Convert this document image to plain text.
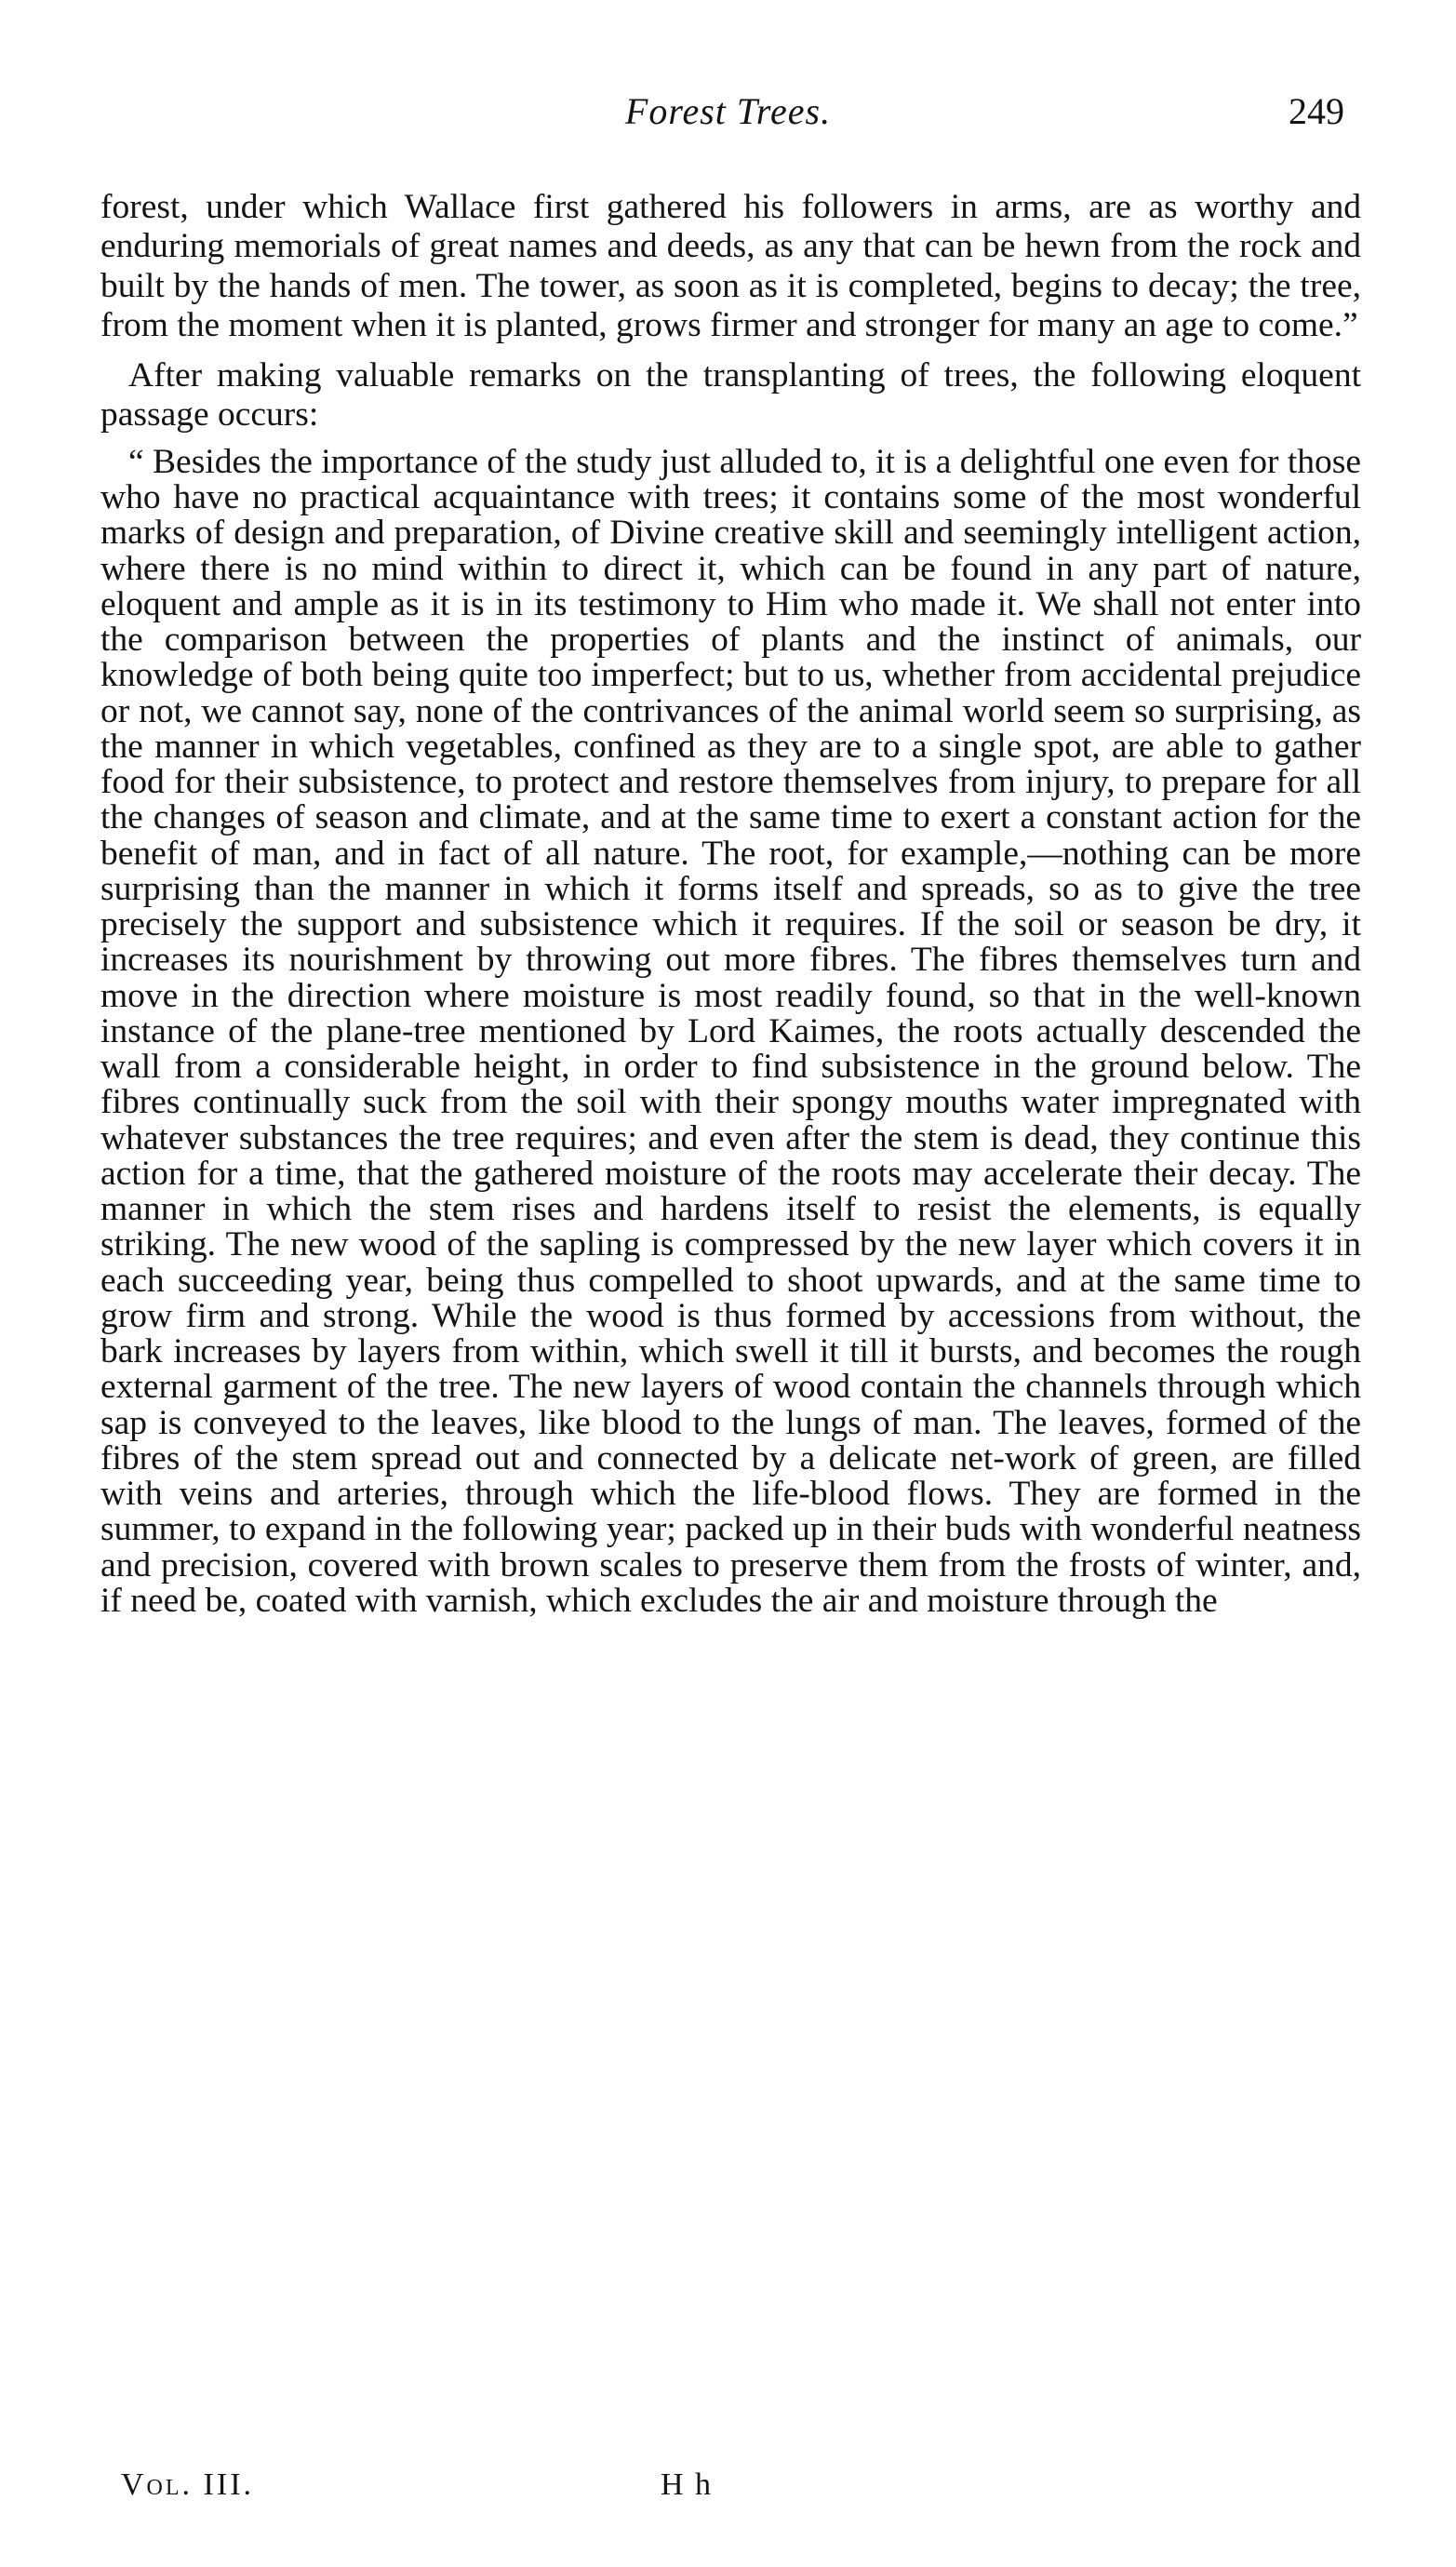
Forest Trees.	249

forest, under which Wallace first gathered his followers in arms, are as worthy and enduring memorials of great names and deeds, as any that can be hewn from the rock and built by the hands of men. The tower, as soon as it is completed, begins to decay; the tree, from the moment when it is planted, grows firmer and stronger for many an age to come.”

After making valuable remarks on the transplanting of trees, the following eloquent passage occurs:

“ Besides the importance of the study just alluded to, it is a delightful one even for those who have no practical acquaintance with trees; it contains some of the most wonderful marks of design and preparation, of Divine creative skill and seemingly intelligent action, where there is no mind within to direct it, which can be found in any part of nature, eloquent and ample as it is in its testimony to Him who made it. We shall not enter into the comparison between the properties of plants and the instinct of animals, our knowledge of both being quite too imperfect; but to us, whether from accidental prejudice or not, we cannot say, none of the contrivances of the animal world seem so surprising, as the manner in which vegetables, confined as they are to a single spot, are able to gather food for their subsistence, to protect and restore themselves from injury, to prepare for all the changes of season and climate, and at the same time to exert a constant action for the benefit of man, and in fact of all nature. The root, for example,—nothing can be more surprising than the manner in which it forms itself and spreads, so as to give the tree precisely the support and subsistence which it requires. If the soil or season be dry, it increases its nourishment by throwing out more fibres. The fibres themselves turn and move in the direction where moisture is most readily found, so that in the well-known instance of the plane-tree mentioned by Lord Kaimes, the roots actually descended the wall from a considerable height, in order to find subsistence in the ground below. The fibres continually suck from the soil with their spongy mouths water impregnated with whatever substances the tree requires; and even after the stem is dead, they continue this action for a time, that the gathered moisture of the roots may accelerate their decay. The manner in which the stem rises and hardens itself to resist the elements, is equally striking. The new wood of the sapling is compressed by the new layer which covers it in each succeeding year, being thus compelled to shoot upwards, and at the same time to grow firm and strong. While the wood is thus formed by accessions from without, the bark increases by layers from within, which swell it till it bursts, and becomes the rough external garment of the tree. The new layers of wood contain the channels through which sap is conveyed to the leaves, like blood to the lungs of man. The leaves, formed of the fibres of the stem spread out and connected by a delicate net-work of green, are filled with veins and arteries, through which the life-blood flows. They are formed in the summer, to expand in the following year; packed up in their buds with wonderful neatness and precision, covered with brown scales to preserve them from the frosts of winter, and, if need be, coated with varnish, which excludes the air and moisture through the

Vol. III.	H h
